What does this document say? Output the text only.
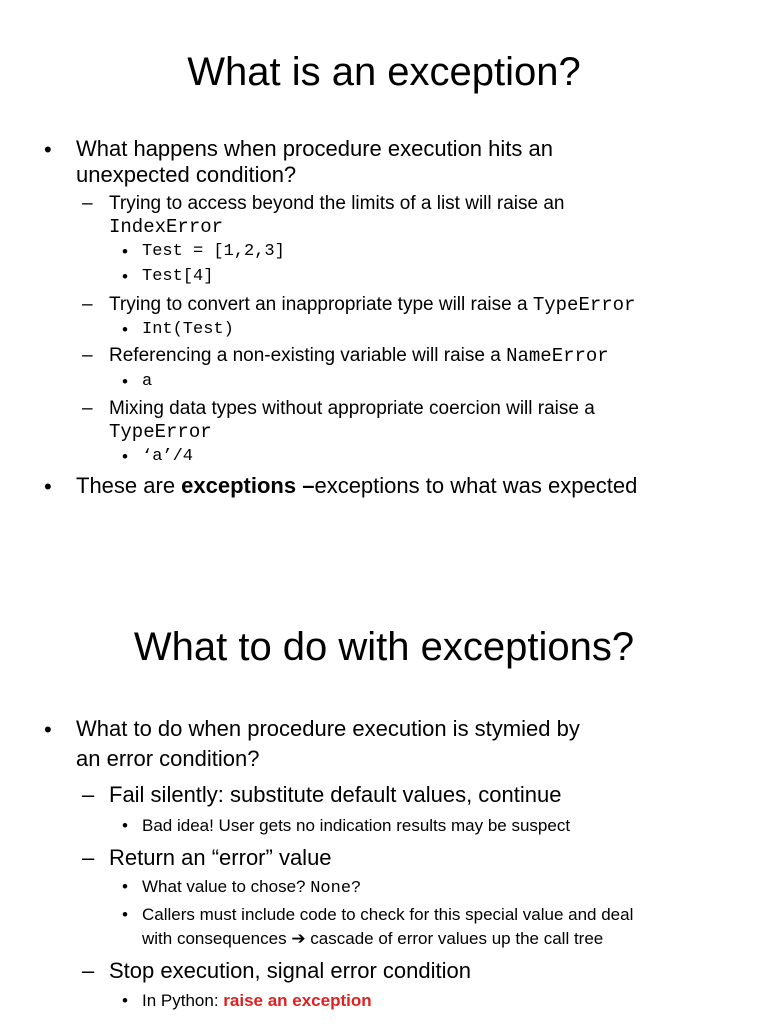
What is an exception?
• What happens when procedure execution hits an
unexpected condition?
– Trying to access beyond the limits of a list will raise an
IndexError
• Test = [1,2,3]
• Test[4]
– Trying to convert an inappropriate type will raise a TypeError
• Int(Test)
– Referencing a non-existing variable will raise a NameError
• a
– Mixing data types without appropriate coercion will raise a
TypeError
• ‘a’/4
• These are exceptions –exceptions to what was expected
What to do with exceptions?
• What to do when procedure execution is stymied by
an error condition?
– Fail silently: substitute default values, continue
• Bad idea! User gets no indication results may be suspect
– Return an “error” value
• What value to chose? None?
• Callers must include code to check for this special value and deal
with consequences ➔ cascade of error values up the call tree
– Stop execution, signal error condition
• In Python: raise an exception
